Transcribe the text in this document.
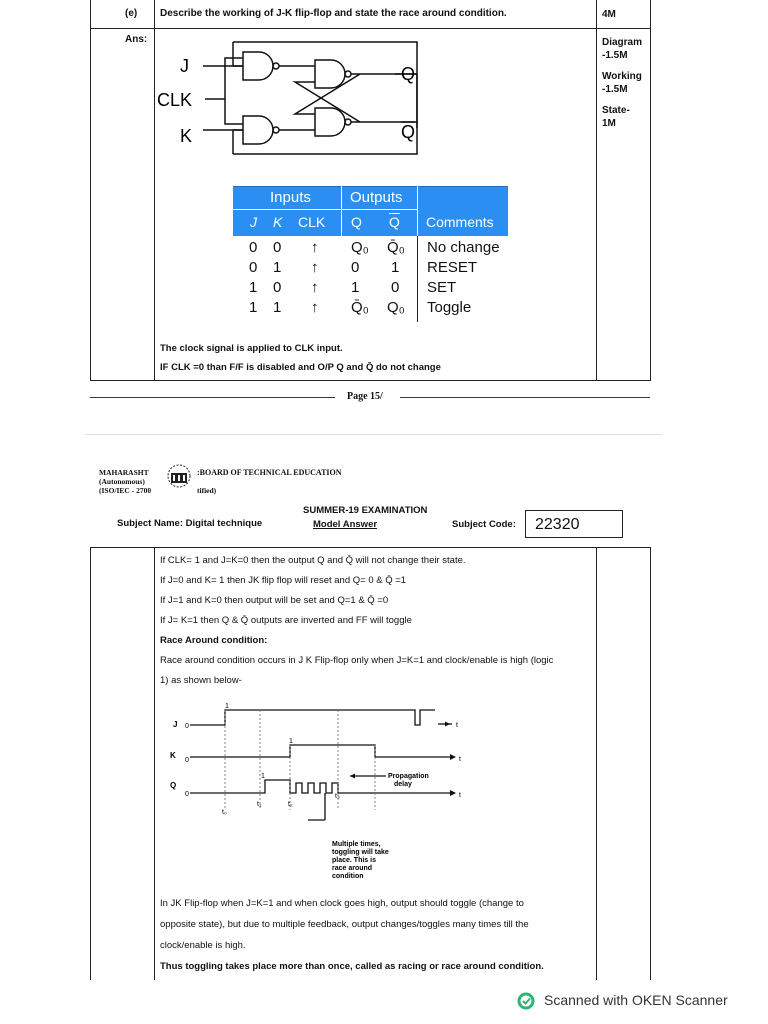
(e) Describe the working of J-K flip-flop and state the race around condition.	4M
Ans:	Diagram
-1.5M
Working
-1.5M
State-
1M
J
CLK
K
Q
Q
Inputs	Outputs
J K CLK Q $\overline{Q}$ Comments
0 0 ↑ Q₀ Q̄₀ No change
0 1 ↑ 0 1 RESET
1 0 ↑ 1 0 SET
1 1 ↑ Q̄₀ Q₀ Toggle
The clock signal is applied to CLK input.
IF CLK =0 than F/F is disabled and O/P Q and Q̄ do not change
Page 15/
MAHARASHT
(Autonomous)
(ISO/IEC - 2700
:BOARD OF TECHNICAL EDUCATION
tified)
SUMMER-19 EXAMINATION
Model Answer
Subject Name: Digital technique	Subject Code: 22320
If CLK= 1 and J=K=0 then the output Q and Q̄ will not change their state.
If J=0 and K= 1 then JK flip flop will reset and Q= 0 & Q̄ =1
If J=1 and K=0 then output will be set and Q=1 & Q̄ =0
If J= K=1 then Q & Q̄ outputs are inverted and FF will toggle
Race Around condition:
Race around condition occurs in J K Flip-flop only when J=K=1 and clock/enable is high (logic
1) as shown below-
J 0
1
t
K
0
1
t
Q
0
1
t
t₀
t₁	t₂
t₃
Propagation
delay
Multiple times,
toggling will take
place. This is
race around
condition
In JK Flip-flop when J=K=1 and when clock goes high, output should toggle (change to
opposite state), but due to multiple feedback, output changes/toggles many times till the
clock/enable is high.
Thus toggling takes place more than once, called as racing or race around condition.
Scanned with OKEN Scanner
